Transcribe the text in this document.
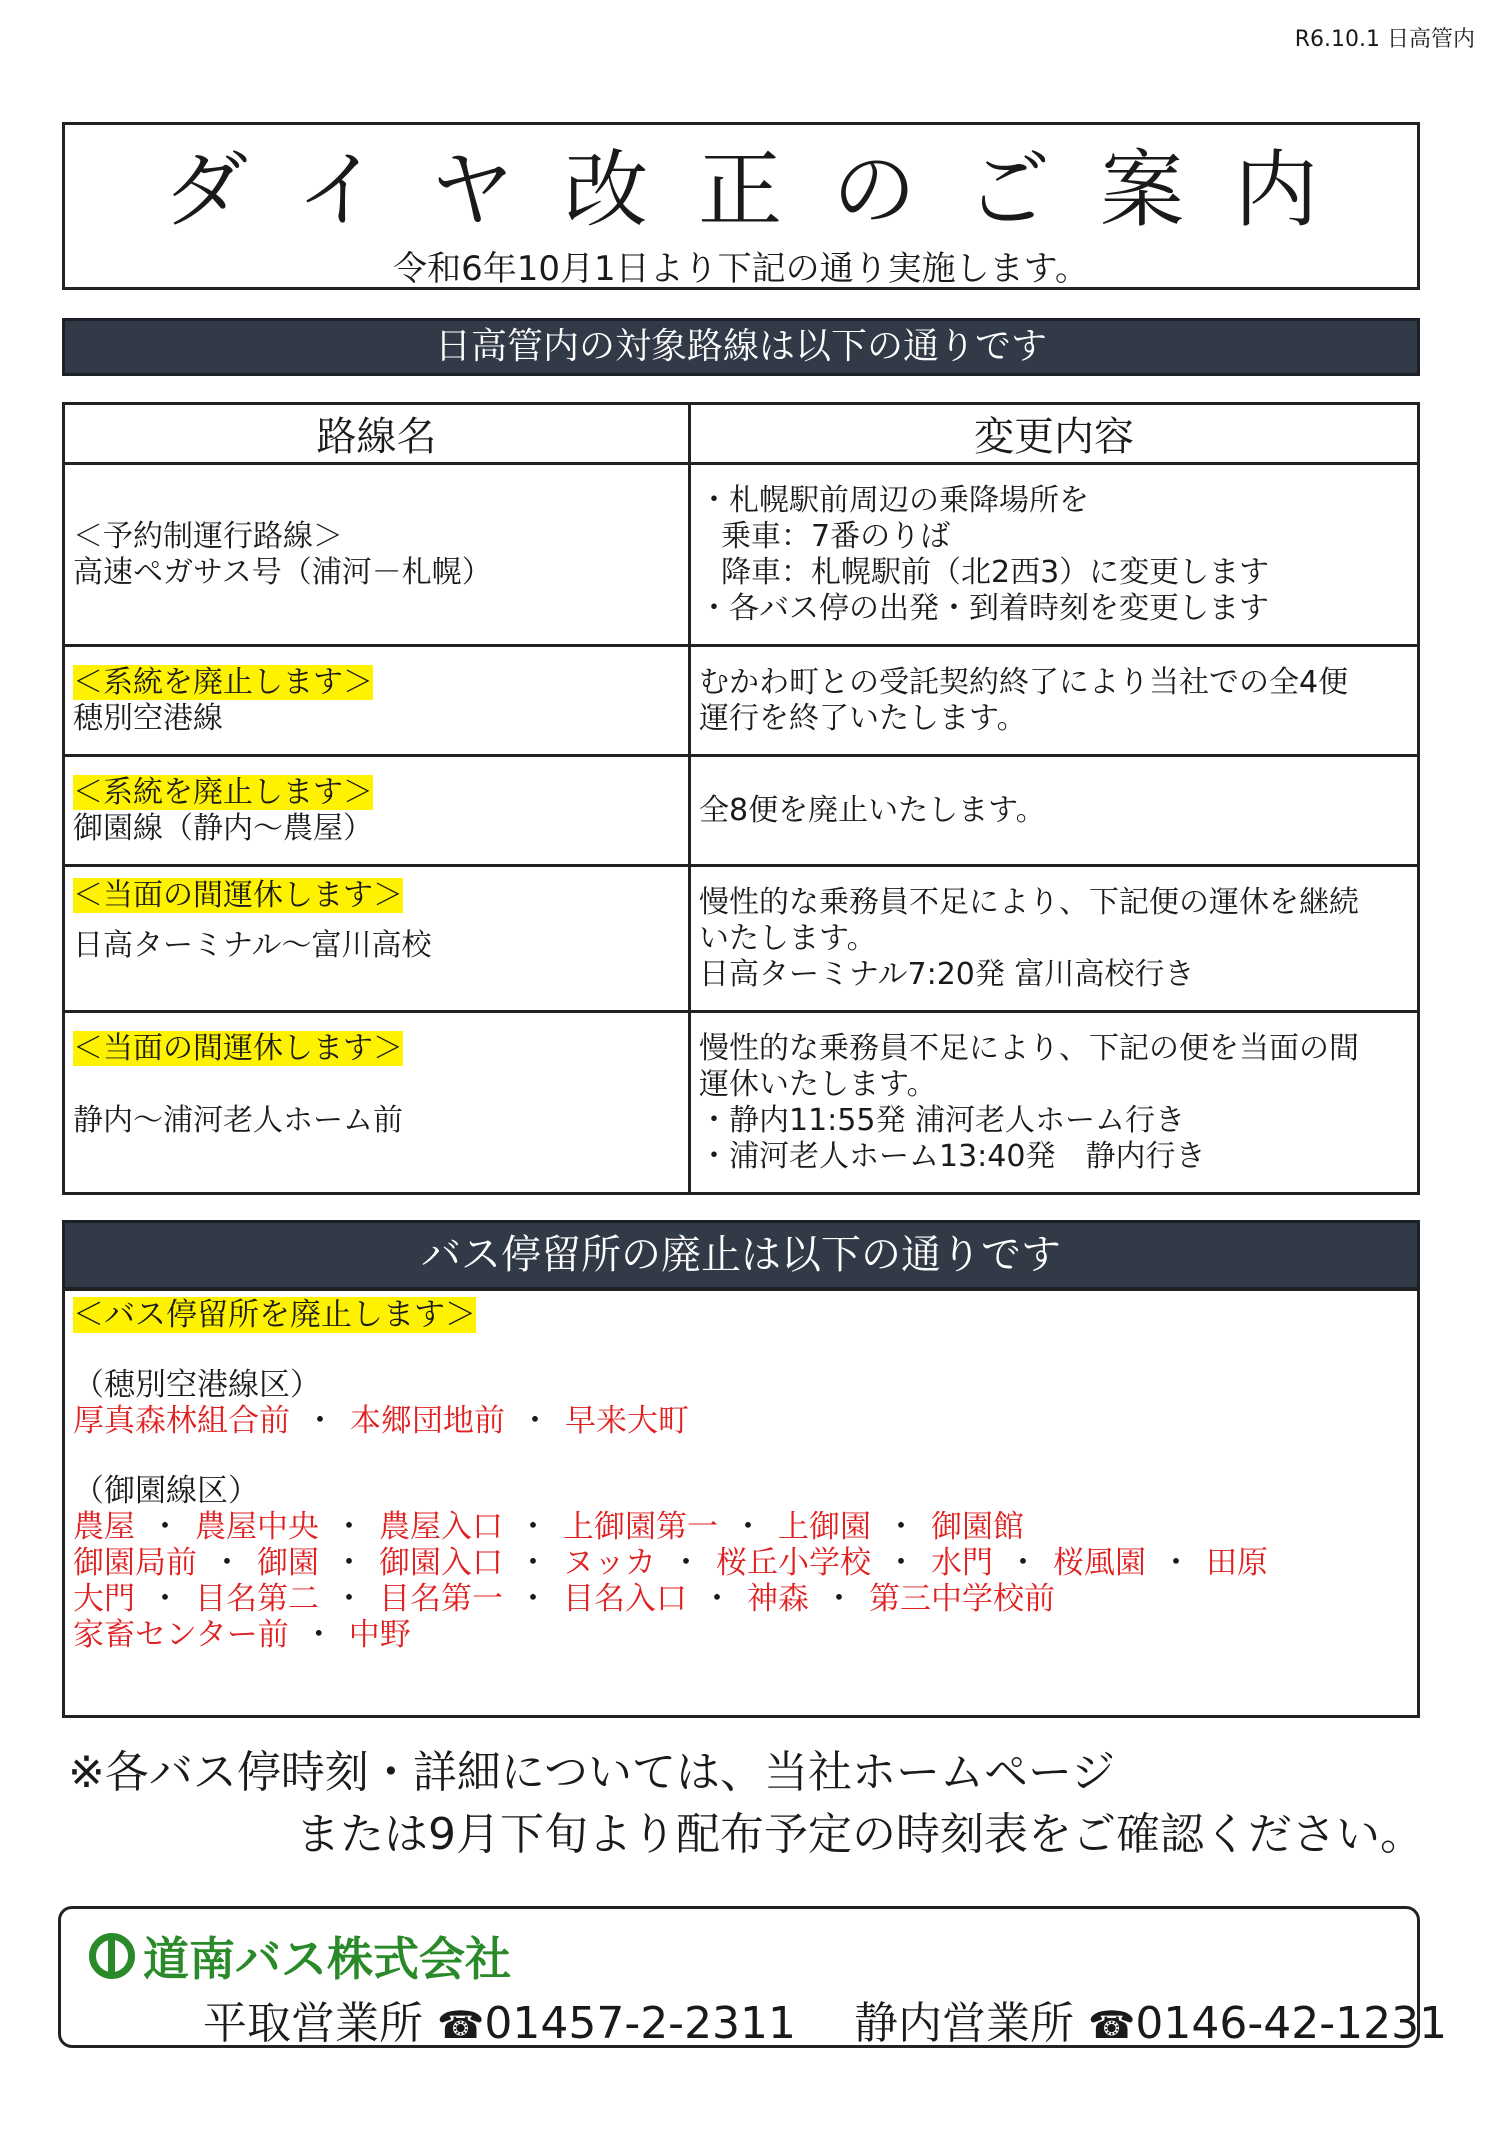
R6.10.1 日高管内
ダイヤ改正のご案内
令和6年10月1日より下記の通り実施します。
日高管内の対象路線は以下の通りです
路線名	変更内容

＜予約制運行路線＞
高速ペガサス号（浦河－札幌）	・札幌駅前周辺の乗降場所を
乗車：7番のりば
降車：札幌駅前（北2西3）に変更します
・各バス停の出発・到着時刻を変更します

＜系統を廃止します＞
穂別空港線	むかわ町との受託契約終了により当社での全4便
運行を終了いたします。

＜系統を廃止します＞
御園線（静内～農屋）	全8便を廃止いたします。

＜当面の間運休します＞
日高ターミナル～富川高校	慢性的な乗務員不足により、下記便の運休を継続
いたします。
日高ターミナル7:20発 富川高校行き

＜当面の間運休します＞

静内～浦河老人ホーム前	慢性的な乗務員不足により、下記の便を当面の間
運休いたします。
・静内11:55発 浦河老人ホーム行き
・浦河老人ホーム13:40発　静内行き
バス停留所の廃止は以下の通りです
＜バス停留所を廃止します＞
（穂別空港線区）
厚真森林組合前 ・ 本郷団地前 ・ 早来大町
（御園線区）
農屋 ・ 農屋中央 ・ 農屋入口 ・ 上御園第一 ・ 上御園 ・ 御園館
御園局前 ・ 御園 ・ 御園入口 ・ ヌッカ ・ 桜丘小学校 ・ 水門 ・ 桜風園 ・ 田原
大門 ・ 目名第二 ・ 目名第一 ・ 目名入口 ・ 神森 ・ 第三中学校前
家畜センター前 ・ 中野
※各バス停時刻・詳細については、当社ホームページ
または9月下旬より配布予定の時刻表をご確認ください。
道南バス株式会社
平取営業所 ☎01457-2-2311 静内営業所 ☎0146-42-1231
